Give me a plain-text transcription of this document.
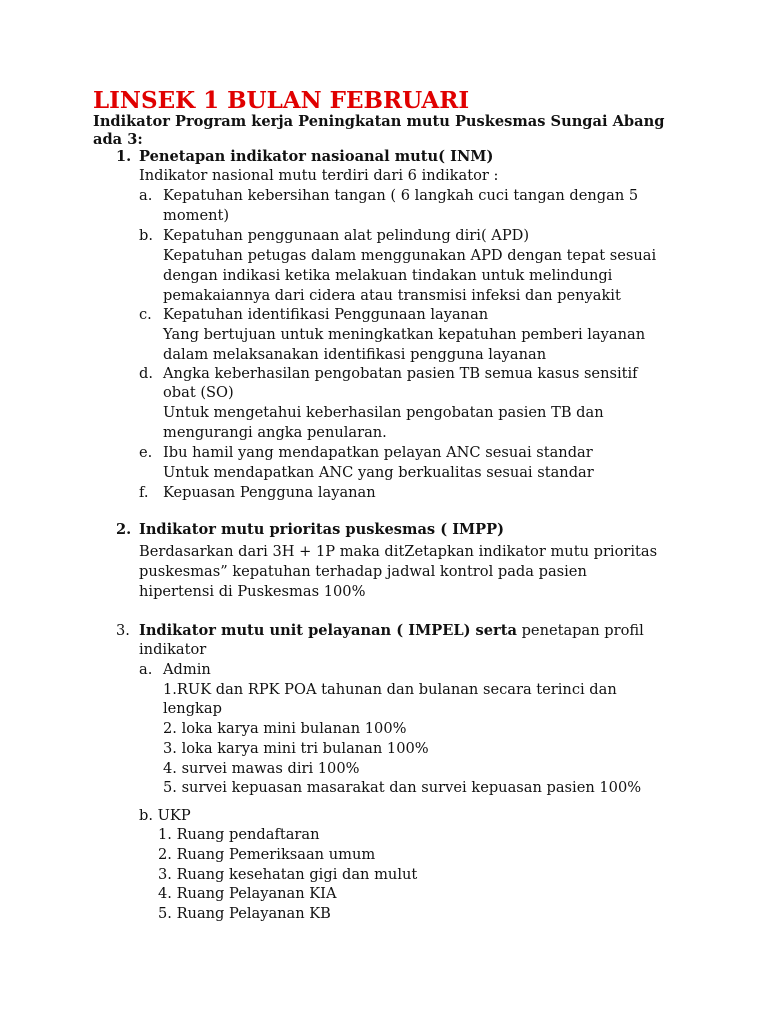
LINSEK 1 BULAN FEBRUARI
Indikator Program kerja Peningkatan mutu Puskesmas Sungai Abang
ada 3:
1. Penetapan indikator nasioanal mutu( INM)
Indikator nasional mutu terdiri dari 6 indikator :
a. Kepatuhan kebersihan tangan ( 6 langkah cuci tangan dengan 5
moment)
b. Kepatuhan penggunaan alat pelindung diri( APD)
Kepatuhan petugas dalam menggunakan APD dengan tepat sesuai
dengan indikasi ketika melakuan tindakan untuk melindungi
pemakaiannya dari cidera atau transmisi infeksi dan penyakit
c. Kepatuhan identifikasi Penggunaan layanan
Yang bertujuan untuk meningkatkan kepatuhan pemberi layanan
dalam melaksanakan identifikasi pengguna layanan
d. Angka keberhasilan pengobatan pasien TB semua kasus sensitif
obat (SO)
Untuk mengetahui keberhasilan pengobatan pasien TB dan
mengurangi angka penularan.
e. Ibu hamil yang mendapatkan pelayan ANC sesuai standar
Untuk mendapatkan ANC yang berkualitas sesuai standar
f. Kepuasan Pengguna layanan
2. Indikator mutu prioritas puskesmas ( IMPP)
Berdasarkan dari 3H + 1P maka ditZetapkan indikator mutu prioritas
puskesmas” kepatuhan terhadap jadwal kontrol pada pasien
hipertensi di Puskesmas 100%
3. Indikator mutu unit pelayanan ( IMPEL) serta penetapan profil
indikator
a. Admin
1.RUK dan RPK POA tahunan dan bulanan secara terinci dan
lengkap
2. loka karya mini bulanan 100%
3. loka karya mini tri bulanan 100%
4. survei mawas diri 100%
5. survei kepuasan masarakat dan survei kepuasan pasien 100%
b. UKP
1. Ruang pendaftaran
2. Ruang Pemeriksaan umum
3. Ruang kesehatan gigi dan mulut
4. Ruang Pelayanan KIA
5. Ruang Pelayanan KB
